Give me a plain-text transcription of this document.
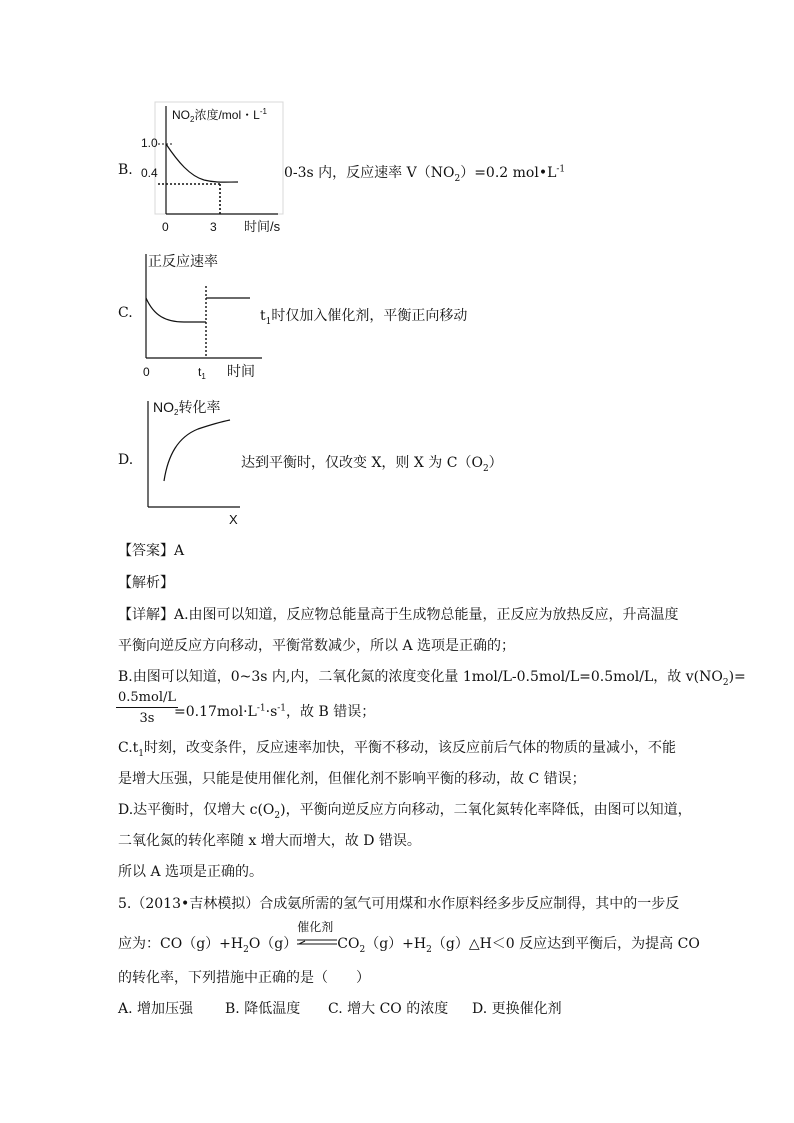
B.
$NO_2$浓度/mol・$L^{-1}$
1.0
0.4
0	3 时间/s
0-3s 内，反应速率 $V(NO_2)=0.2$ $mol•L^{-1}$
C.
正反应速率
0	$t_1$ 时间
$t_1$时仅加入催化剂，平衡正向移动
D.
$NO_2$转化率
X
达到平衡时，仅改变 X，则 X 为 $C(O_2)$
【答案】A
【解析】
【详解】A.由图可以知道，反应物总能量高于生成物总能量，正反应为放热反应，升高温度
平衡向逆反应方向移动，平衡常数减少，所以 A 选项是正确的；
B.由图可以知道，0~3s 内,内，二氧化氮的浓度变化量 1mol/L-0.5mol/L=0.5mol/L，故 $v(NO_2)=$
0.5mol/L
3s	$=0.17mol\cdot L^{-1}\cdot s^{-1}$，故 B 错误；
$C.t_1$时刻，改变条件，反应速率加快，平衡不移动，该反应前后气体的物质的量减小，不能
是增大压强，只能是使用催化剂，但催化剂不影响平衡的移动，故 C 错误；
D.达平衡时，仅增大 $c(O_2)$，平衡向逆反应方向移动，二氧化氮转化率降低，由图可以知道，
二氧化氮的转化率随 x 增大而增大，故 D 错误。
所以 A 选项是正确的。
5.（2013•吉林模拟）合成氨所需的氢气可用煤和水作原料经多步反应制得，其中的一步反
应为：$CO(g)+H_2O(g)$
催化剂
$CO_2(g)+H_2(g)\triangle H<0$ 反应达到平衡后，为提高 CO
的转化率，下列措施中正确的是（　　）
A. 增加压强 B. 降低温度 C. 增大 CO 的浓度 D. 更换催化剂
